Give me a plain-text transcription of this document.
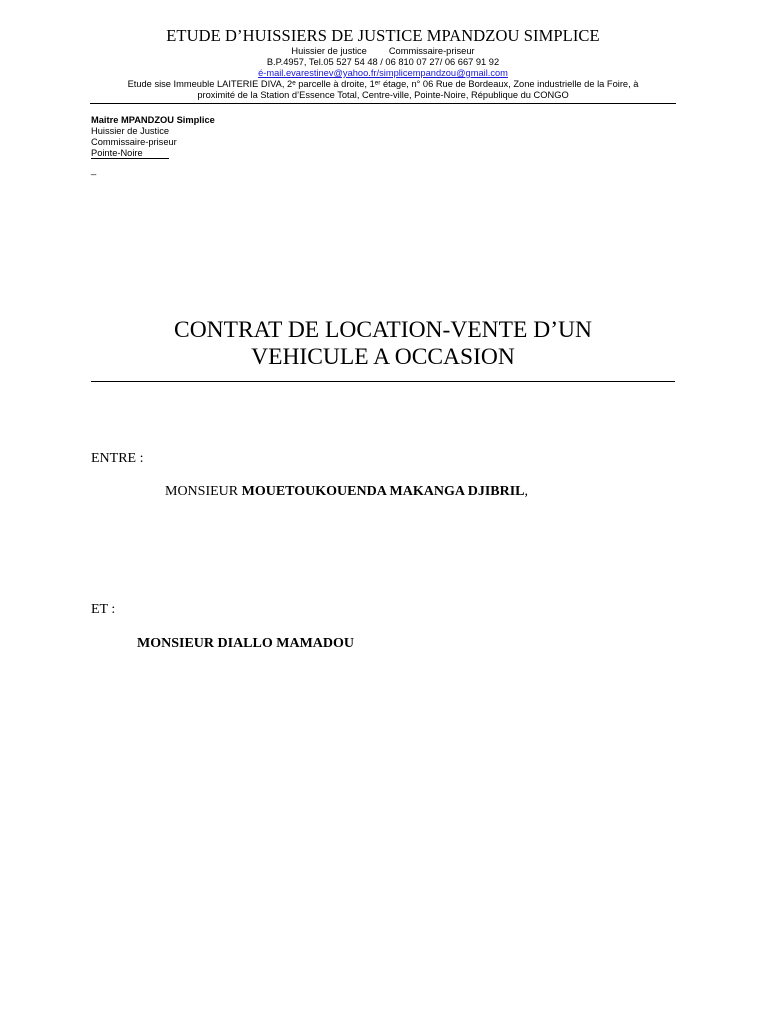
ETUDE D’HUISSIERS DE JUSTICE MPANDZOU SIMPLICE
Huissier de justice Commissaire-priseur
B.P.4957, Tel.05 527 54 48 / 06 810 07 27/ 06 667 91 92
é-mail.evarestinev@yahoo.fr/simplicempandzou@gmail.com
Etude sise Immeuble LAITERIE DIVA, 2ᵉ parcelle à droite, 1ᵉʳ étage, n° 06 Rue de Bordeaux, Zone industrielle de la Foire, à
proximité de la Station d’Essence Total, Centre-ville, Pointe-Noire, République du CONGO
Maitre MPANDZOU Simplice
Huissier de Justice
Commissaire-priseur
Pointe-Noire
_
CONTRAT DE LOCATION-VENTE D’UN
VEHICULE A OCCASION
ENTRE :
MONSIEUR MOUETOUKOUENDA MAKANGA DJIBRIL,
ET :
MONSIEUR DIALLO MAMADOU
